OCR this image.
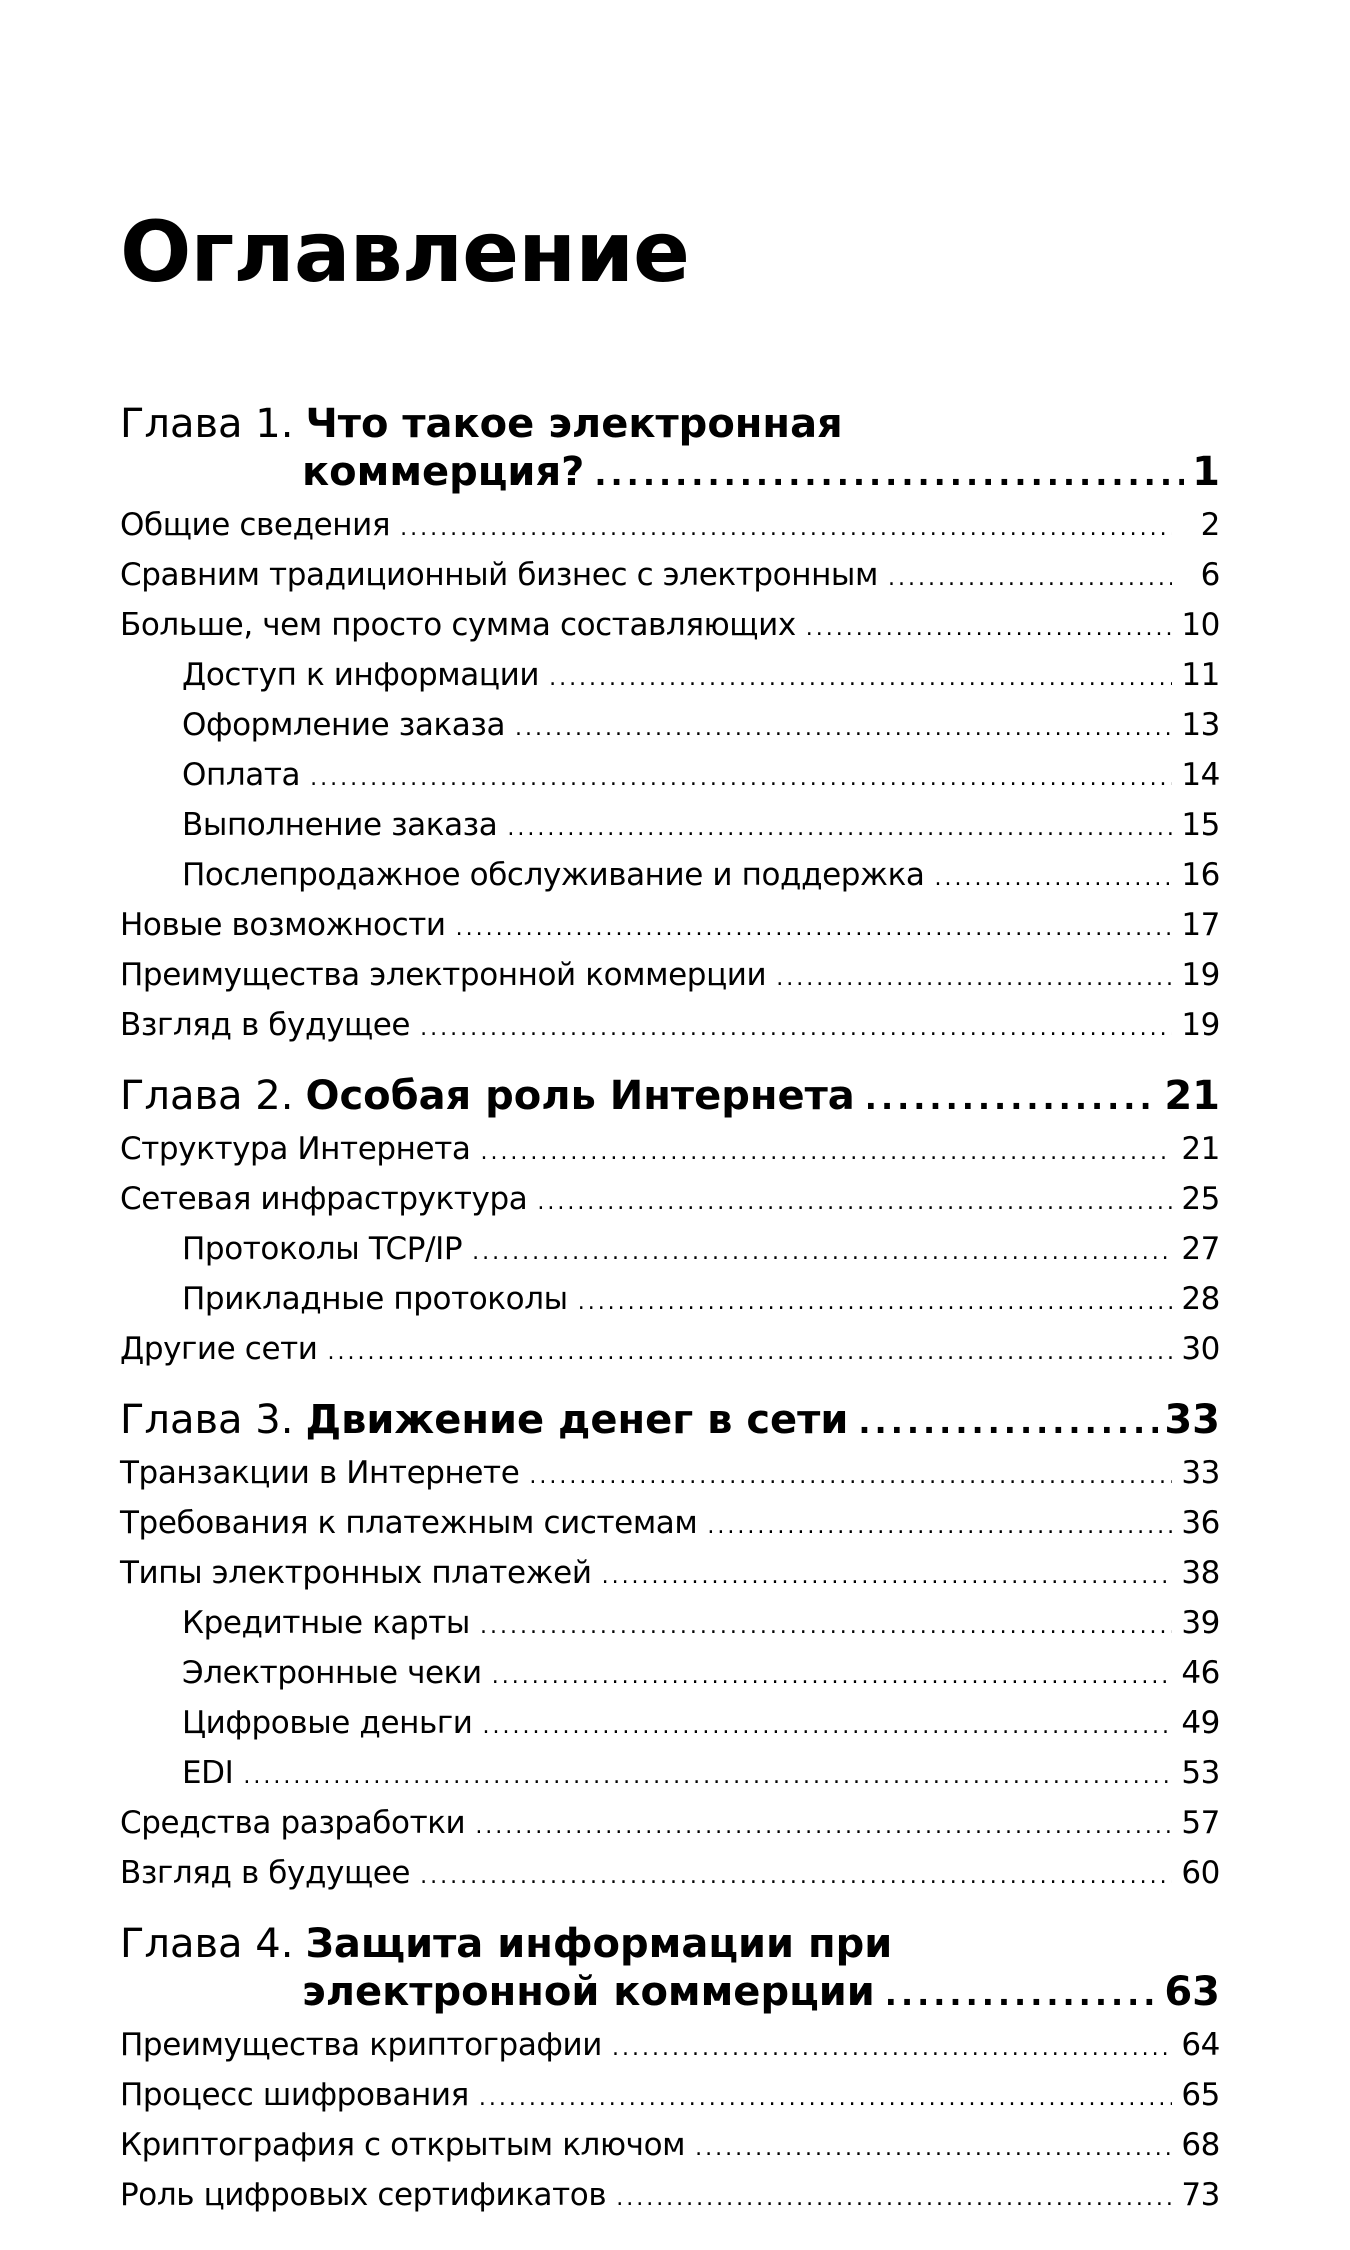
Оглавление
Глава 1. Что такое электронная
коммерция? .....	1
Общие сведения .....	2
Сравним традиционный бизнес с электронным .....	6
Больше, чем просто сумма составляющих .....	10
Доступ к информации .....	11
Оформление заказа .....	13
Оплата .....	14
Выполнение заказа .....	15
Послепродажное обслуживание и поддержка .....	16
Новые возможности .....	17
Преимущества электронной коммерции .....	19
Взгляд в будущее .....	19
Глава 2. Особая роль Интернета .....	21
Структура Интернета .....	21
Сетевая инфраструктура .....	25
Протоколы TCP/IP .....	27
Прикладные протоколы .....	28
Другие сети .....	30
Глава 3. Движение денег в сети .....	33
Транзакции в Интернете .....	33
Требования к платежным системам .....	36
Типы электронных платежей .....	38
Кредитные карты .....	39
Электронные чеки .....	46
Цифровые деньги .....	49
EDI .....	53
Средства разработки .....	57
Взгляд в будущее .....	60
Глава 4. Защита информации при
электронной коммерции .....	63
Преимущества криптографии .....	64
Процесс шифрования .....	65
Криптография с открытым ключом .....	68
Роль цифровых сертификатов .....	73
